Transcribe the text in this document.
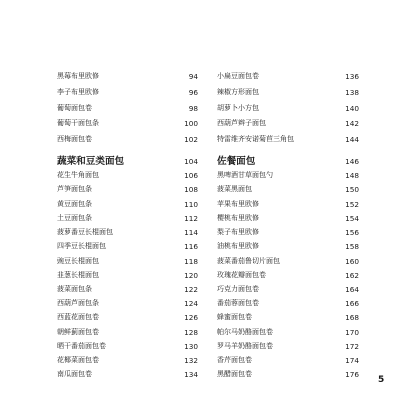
黑莓布里欧修	94
李子布里欧修	96
葡萄面包卷	98
葡萄干面包条	100
西梅面包卷	102
蔬菜和豆类面包	104
花生牛角面包	106
芦笋面包条	108
黄豆面包条	110
土豆面包条	112
菠萝番豆长棍面包	114
四季豆长棍面包	116
豌豆长棍面包	118
韭葱长棍面包	120
菠菜面包条	122
西葫芦面包条	124
西蓝花面包卷	126
朝鲜蓟面包卷	128
晒干番茄面包卷	130
花椰菜面包卷	132
南瓜面包卷	134
小扁豆面包卷	136
辣椒方形面包	138
胡萝卜小方包	140
西葫芦辫子面包	142
特雷维齐安诺菊苣三角包	144
佐餐面包	146
黑啤酒甘草面包勺	148
菠菜黑面包	150
苹果布里欧修	152
樱桃布里欧修	154
梨子布里欧修	156
油桃布里欧修	158
菠菜番茄鲁切片面包	160
玫瑰花瓣面包卷	162
巧克力面包卷	164
番茄蓉面包卷	166
蜂蜜面包卷	168
帕尔马奶酪面包卷	170
罗马羊奶酪面包卷	172
香芹面包卷	174
黑醋面包卷	176
5
